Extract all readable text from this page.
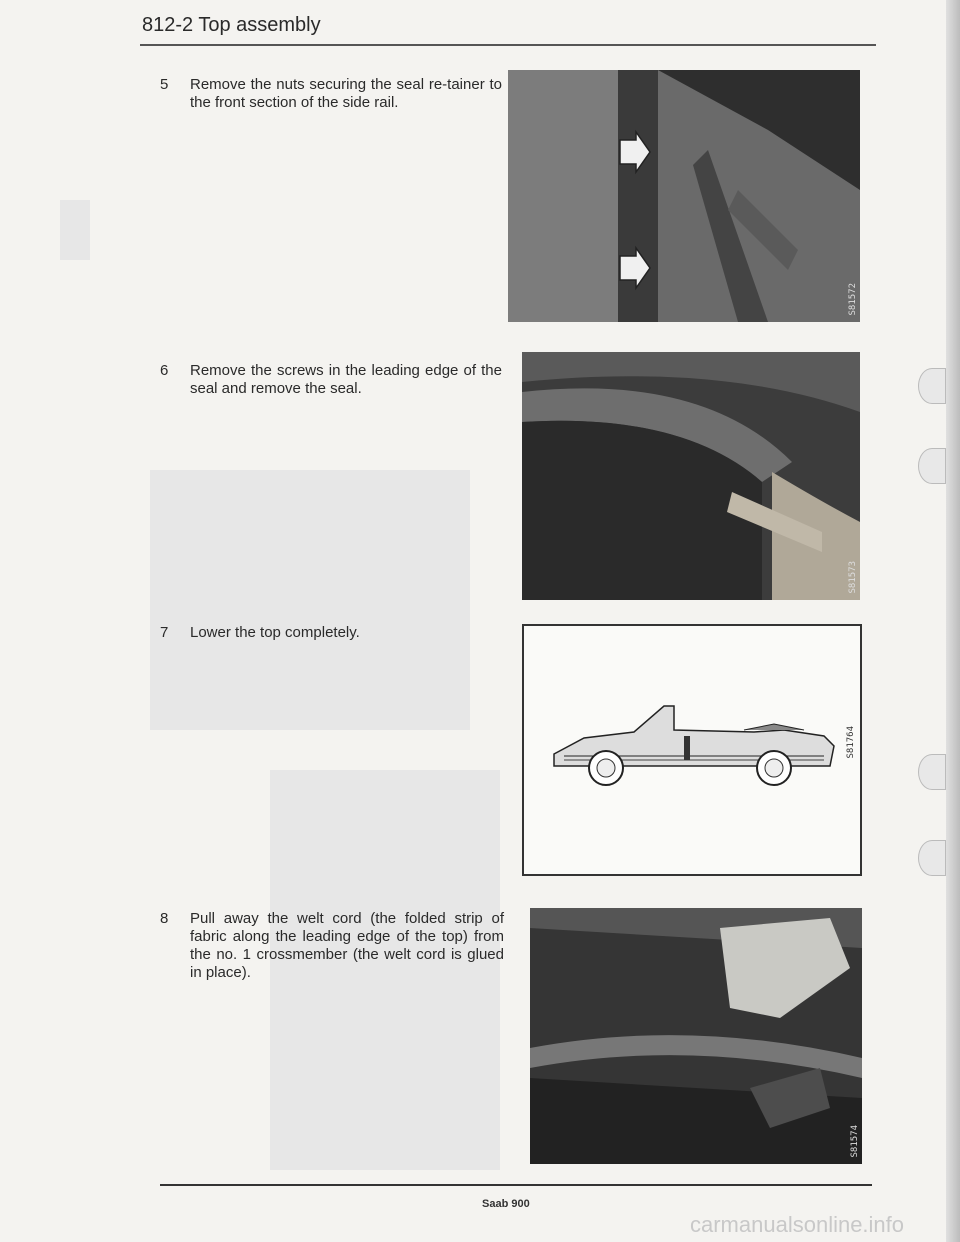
812-2 Top assembly
5	Remove the nuts securing the seal re-tainer to the front section of the side rail.
6	Remove the screws in the leading edge of the seal and remove the seal.
7	Lower the top completely.
8	Pull away the welt cord (the folded strip of fabric along the leading edge of the top) from the no. 1 crossmember (the welt cord is glued in place).
S81572
S81573
S81764
S81574
Saab 900
carmanualsonline.info
